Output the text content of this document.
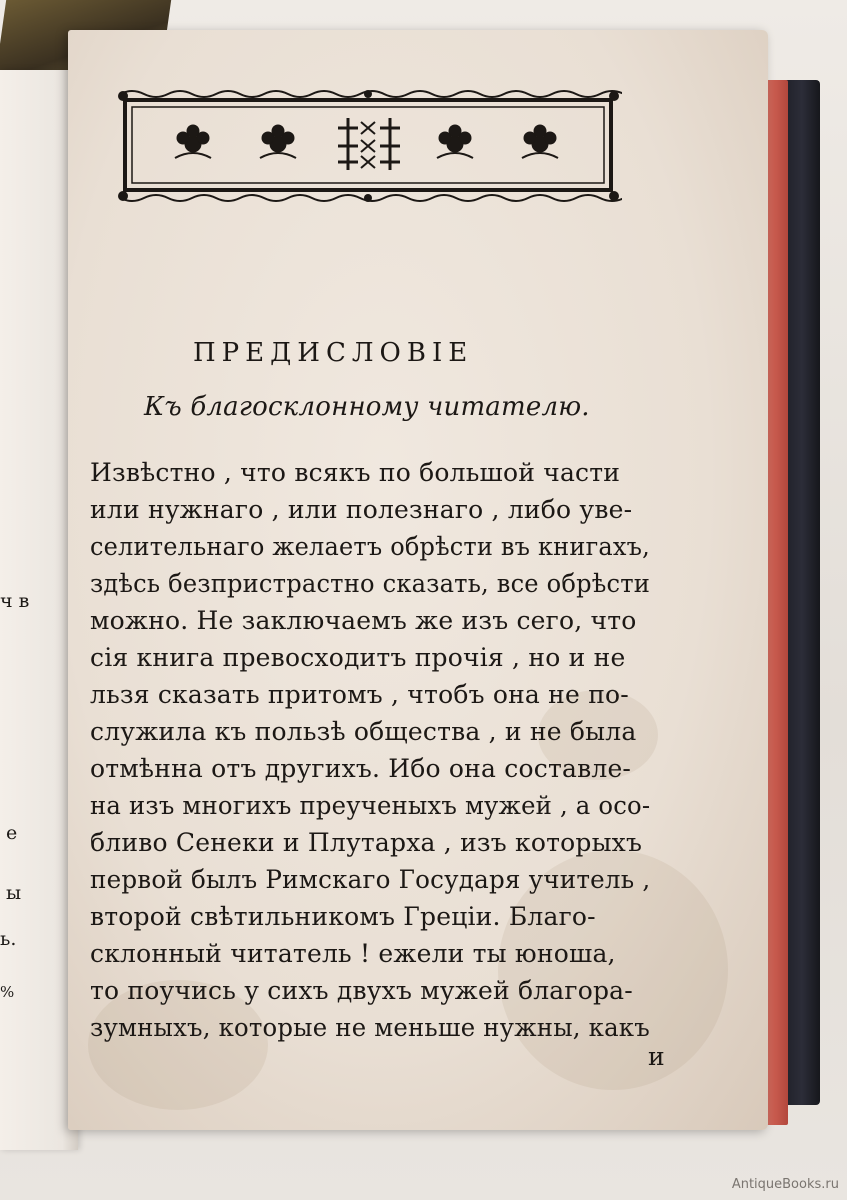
ч в
е
ы
ь.
%
ПРЕДИСЛОВІЕ
Къ благосклонному читателю.
Извѣстно , что всякъ по большой части
или нужнаго , или полезнаго , либо уве-
селительнаго желаетъ обрѣсти въ книгахъ,
здѣсь безпристрастно сказать, все обрѣсти
можно. Не заключаемъ же изъ сего, что
сія книга превосходитъ прочія , но и не
льзя сказать притомъ , чтобъ она не по-
служила къ пользѣ общества , и не была
отмѣнна отъ другихъ. Ибо она составле-
на изъ многихъ преученыхъ мужей , а осо-
бливо Сенеки и Плутарха , изъ которыхъ
первой былъ Римскаго Государя учитель ,
второй свѣтильникомъ Греціи. Благо-
склонный читатель ! ежели ты юноша,
то поучись у сихъ двухъ мужей благора-
зумныхъ, которые не меньше нужны, какъ
и
AntiqueBooks.ru
